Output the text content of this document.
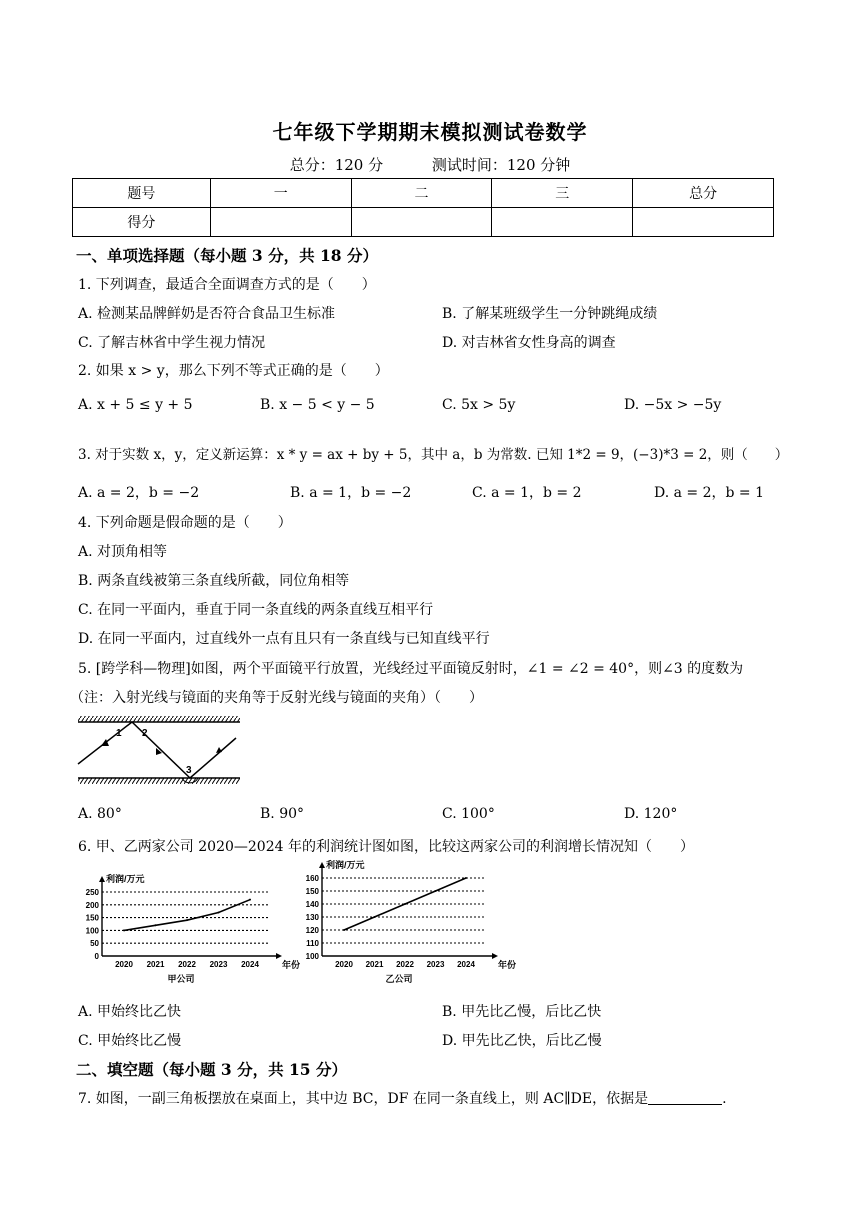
七年级下学期期末模拟测试卷数学
总分：120 分	测试时间：120 分钟
题号	一	二	三	总分
得分				
一、单项选择题（每小题 3 分，共 18 分）
1. 下列调查，最适合全面调查方式的是（　　）
A. 检测某品牌鲜奶是否符合食品卫生标准	B. 了解某班级学生一分钟跳绳成绩
C. 了解吉林省中学生视力情况	D. 对吉林省女性身高的调查
2. 如果 x > y，那么下列不等式正确的是（　　）
A. x + 5 ≤ y + 5	B. x − 5 < y − 5	C. 5x > 5y	D. −5x > −5y
3. 对于实数 x，y，定义新运算：x * y = ax + by + 5，其中 a，b 为常数. 已知 1*2 = 9，(−3)*3 = 2，则（　　）
A. a = 2，b = −2	B. a = 1，b = −2	C. a = 1，b = 2	D. a = 2，b = 1
4. 下列命题是假命题的是（　　）
A. 对顶角相等
B. 两条直线被第三条直线所截，同位角相等
C. 在同一平面内，垂直于同一条直线的两条直线互相平行
D. 在同一平面内，过直线外一点有且只有一条直线与已知直线平行
5. [跨学科—物理]如图，两个平面镜平行放置，光线经过平面镜反射时，∠1 = ∠2 = 40°，则∠3 的度数为
（注：入射光线与镜面的夹角等于反射光线与镜面的夹角）（　　）
1 2
3
A. 80°	B. 90°	C. 100°	D. 120°
6. 甲、乙两家公司 2020—2024 年的利润统计图如图，比较这两家公司的利润增长情况知（　　）
0
50
100
150
200
250
利润/万元
年份
2020 2021 2022 2023 2024
甲公司
100
110
120
130
140
150
160
利润/万元
年份
2020 2021 2022 2023 2024
乙公司
A. 甲始终比乙快	B. 甲先比乙慢，后比乙快
C. 甲始终比乙慢	D. 甲先比乙快，后比乙慢
二、填空题（每小题 3 分，共 15 分）
7. 如图，一副三角板摆放在桌面上，其中边 BC，DF 在同一条直线上，则 AC∥DE，依据是	.
